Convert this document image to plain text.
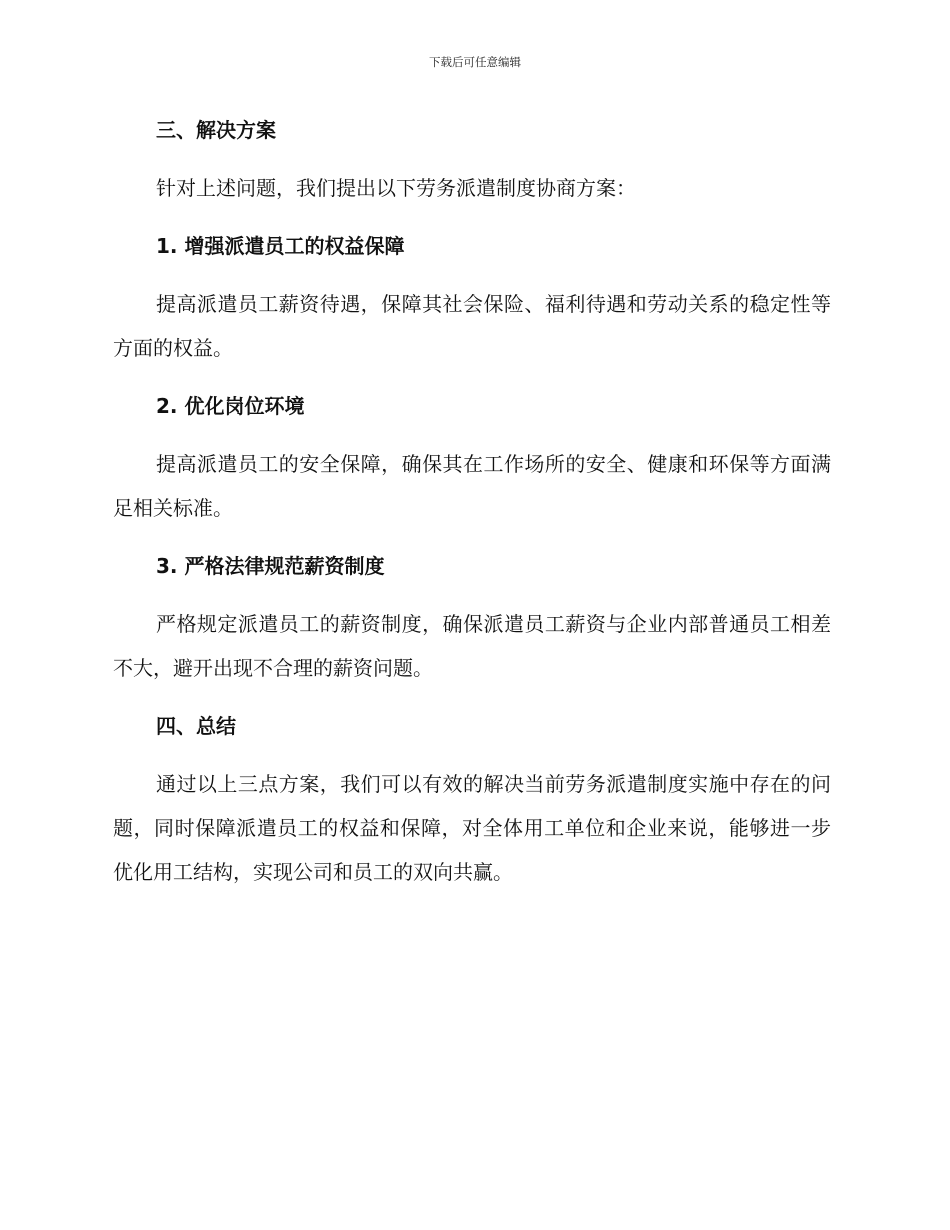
下载后可任意编辑
三、解决方案

针对上述问题，我们提出以下劳务派遣制度协商方案：

1. 增强派遣员工的权益保障

提高派遣员工薪资待遇，保障其社会保险、福利待遇和劳动关系的稳定性等方面的权益。

2. 优化岗位环境

提高派遣员工的安全保障，确保其在工作场所的安全、健康和环保等方面满足相关标准。

3. 严格法律规范薪资制度

严格规定派遣员工的薪资制度，确保派遣员工薪资与企业内部普通员工相差不大，避开出现不合理的薪资问题。

四、总结

通过以上三点方案，我们可以有效的解决当前劳务派遣制度实施中存在的问题，同时保障派遣员工的权益和保障，对全体用工单位和企业来说，能够进一步优化用工结构，实现公司和员工的双向共赢。
